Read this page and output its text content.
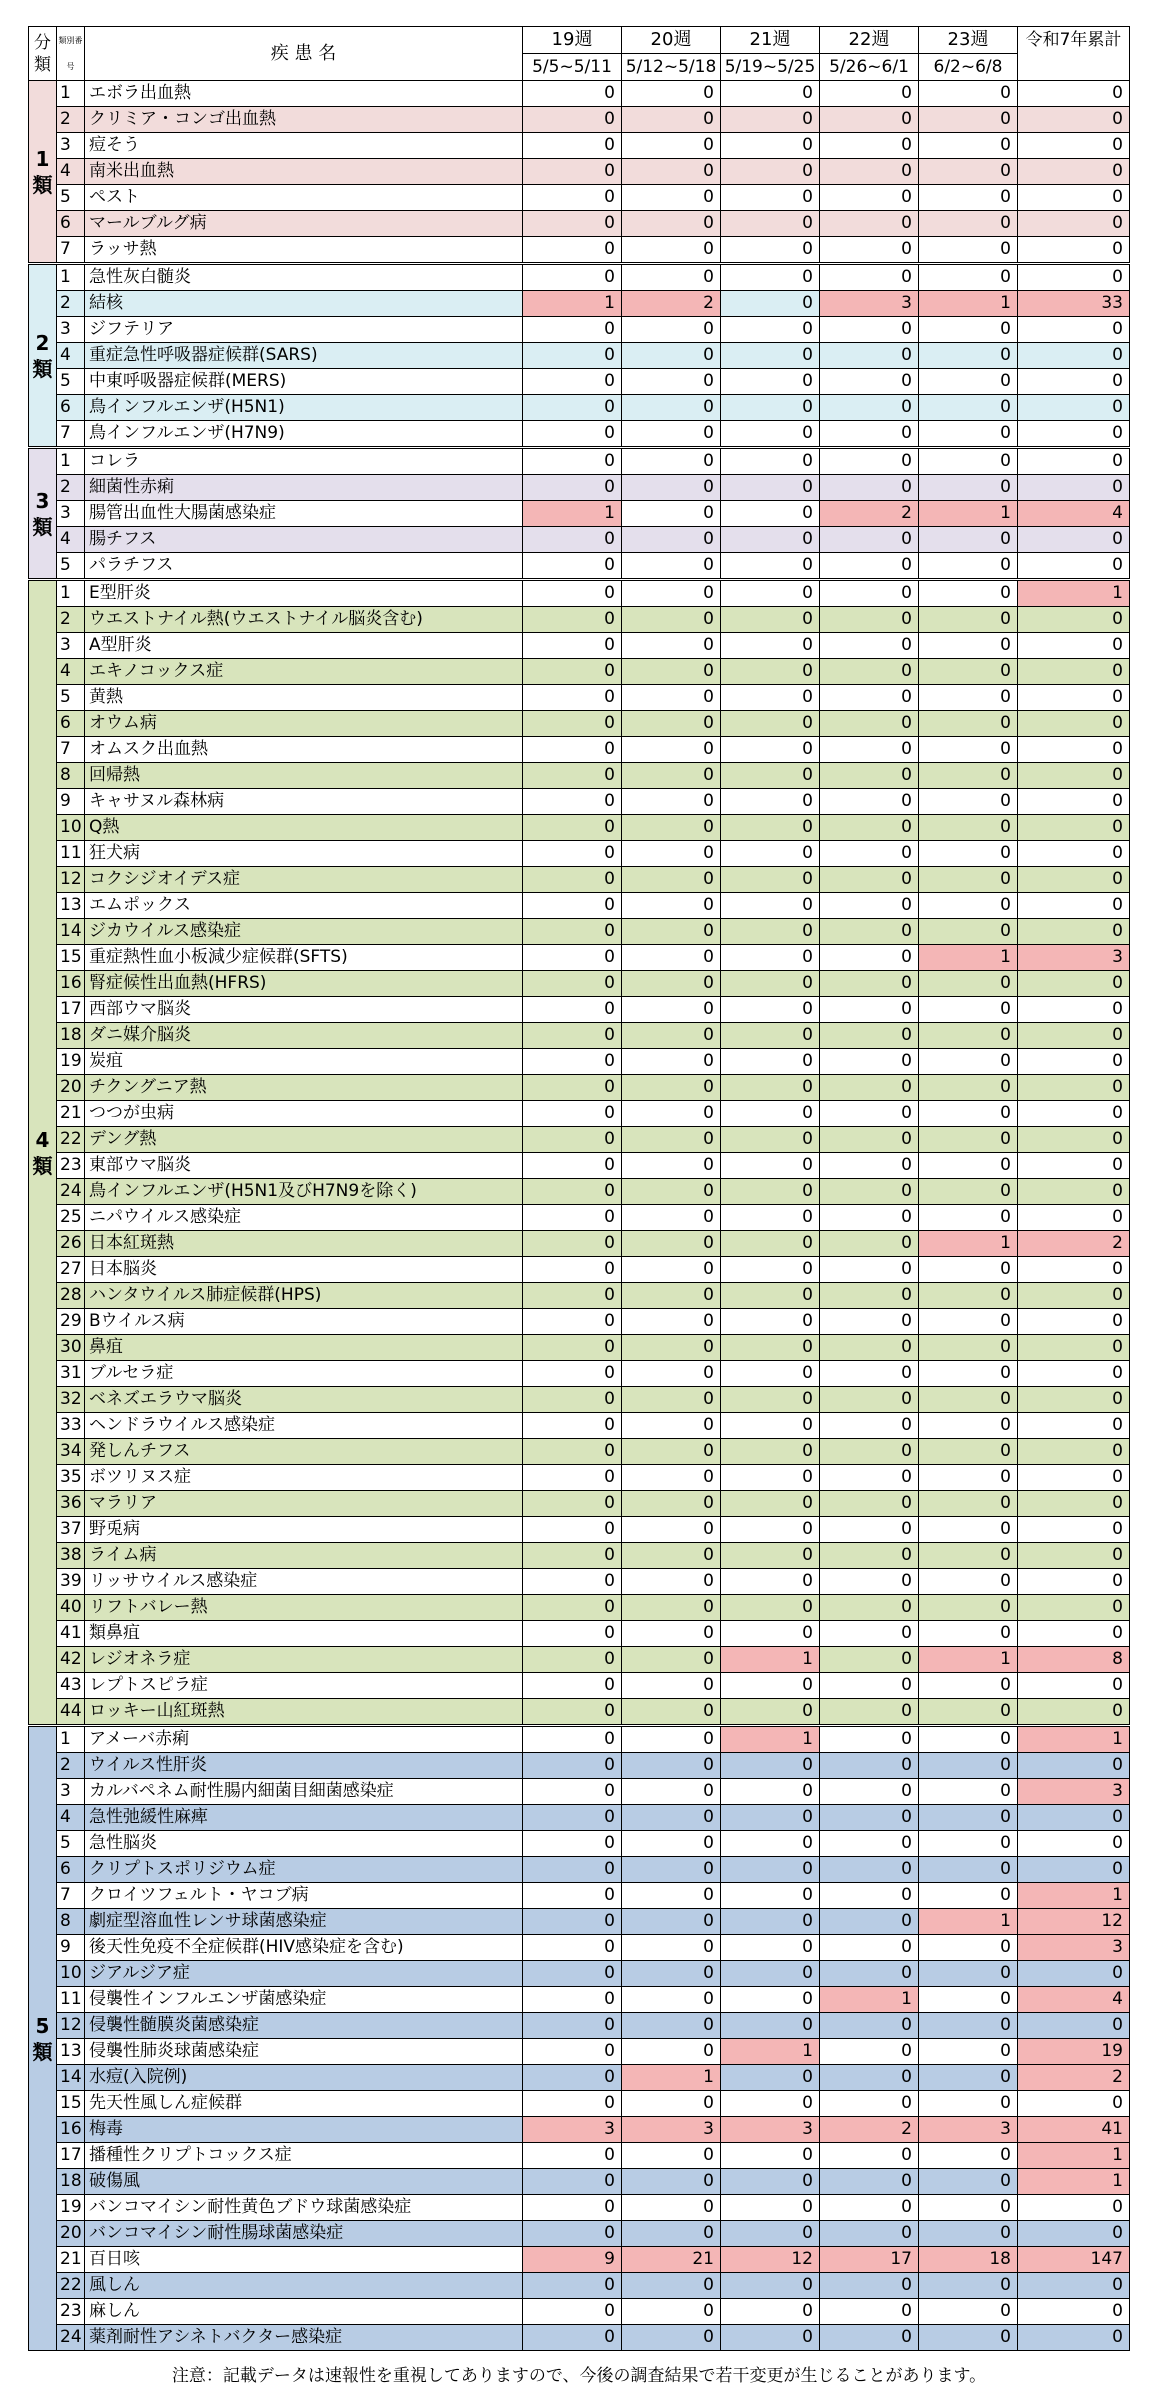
分類	類別番号	疾 患 名	19週	20週	21週	22週	23週	令和7年累計
			5/5~5/11	5/12~5/18	5/19~5/25	5/26~6/1	6/2~6/8	
1類	1	エボラ出血熱	0	0	0	0	0	0
	2	クリミア・コンゴ出血熱	0	0	0	0	0	0
	3	痘そう	0	0	0	0	0	0
	4	南米出血熱	0	0	0	0	0	0
	5	ペスト	0	0	0	0	0	0
	6	マールブルグ病	0	0	0	0	0	0
	7	ラッサ熱	0	0	0	0	0	0
2類	1	急性灰白髄炎	0	0	0	0	0	0
	2	結核	1	2	0	3	1	33
	3	ジフテリア	0	0	0	0	0	0
	4	重症急性呼吸器症候群(SARS)	0	0	0	0	0	0
	5	中東呼吸器症候群(MERS)	0	0	0	0	0	0
	6	鳥インフルエンザ(H5N1)	0	0	0	0	0	0
	7	鳥インフルエンザ(H7N9)	0	0	0	0	0	0
3類	1	コレラ	0	0	0	0	0	0
	2	細菌性赤痢	0	0	0	0	0	0
	3	腸管出血性大腸菌感染症	1	0	0	2	1	4
	4	腸チフス	0	0	0	0	0	0
	5	パラチフス	0	0	0	0	0	0
4類	1	E型肝炎	0	0	0	0	0	1
	2	ウエストナイル熱(ウエストナイル脳炎含む)	0	0	0	0	0	0
	3	A型肝炎	0	0	0	0	0	0
	4	エキノコックス症	0	0	0	0	0	0
	5	黄熱	0	0	0	0	0	0
	6	オウム病	0	0	0	0	0	0
	7	オムスク出血熱	0	0	0	0	0	0
	8	回帰熱	0	0	0	0	0	0
	9	キャサヌル森林病	0	0	0	0	0	0
	10	Q熱	0	0	0	0	0	0
	11	狂犬病	0	0	0	0	0	0
	12	コクシジオイデス症	0	0	0	0	0	0
	13	エムポックス	0	0	0	0	0	0
	14	ジカウイルス感染症	0	0	0	0	0	0
	15	重症熱性血小板減少症候群(SFTS)	0	0	0	0	1	3
	16	腎症候性出血熱(HFRS)	0	0	0	0	0	0
	17	西部ウマ脳炎	0	0	0	0	0	0
	18	ダニ媒介脳炎	0	0	0	0	0	0
	19	炭疽	0	0	0	0	0	0
	20	チクングニア熱	0	0	0	0	0	0
	21	つつが虫病	0	0	0	0	0	0
	22	デング熱	0	0	0	0	0	0
	23	東部ウマ脳炎	0	0	0	0	0	0
	24	鳥インフルエンザ(H5N1及びH7N9を除く)	0	0	0	0	0	0
	25	ニパウイルス感染症	0	0	0	0	0	0
	26	日本紅斑熱	0	0	0	0	1	2
	27	日本脳炎	0	0	0	0	0	0
	28	ハンタウイルス肺症候群(HPS)	0	0	0	0	0	0
	29	Bウイルス病	0	0	0	0	0	0
	30	鼻疽	0	0	0	0	0	0
	31	ブルセラ症	0	0	0	0	0	0
	32	ベネズエラウマ脳炎	0	0	0	0	0	0
	33	ヘンドラウイルス感染症	0	0	0	0	0	0
	34	発しんチフス	0	0	0	0	0	0
	35	ボツリヌス症	0	0	0	0	0	0
	36	マラリア	0	0	0	0	0	0
	37	野兎病	0	0	0	0	0	0
	38	ライム病	0	0	0	0	0	0
	39	リッサウイルス感染症	0	0	0	0	0	0
	40	リフトバレー熱	0	0	0	0	0	0
	41	類鼻疽	0	0	0	0	0	0
	42	レジオネラ症	0	0	1	0	1	8
	43	レプトスピラ症	0	0	0	0	0	0
	44	ロッキー山紅斑熱	0	0	0	0	0	0
5類	1	アメーバ赤痢	0	0	1	0	0	1
	2	ウイルス性肝炎	0	0	0	0	0	0
	3	カルバペネム耐性腸内細菌目細菌感染症	0	0	0	0	0	3
	4	急性弛緩性麻痺	0	0	0	0	0	0
	5	急性脳炎	0	0	0	0	0	0
	6	クリプトスポリジウム症	0	0	0	0	0	0
	7	クロイツフェルト・ヤコブ病	0	0	0	0	0	1
	8	劇症型溶血性レンサ球菌感染症	0	0	0	0	1	12
	9	後天性免疫不全症候群(HIV感染症を含む)	0	0	0	0	0	3
	10	ジアルジア症	0	0	0	0	0	0
	11	侵襲性インフルエンザ菌感染症	0	0	0	1	0	4
	12	侵襲性髄膜炎菌感染症	0	0	0	0	0	0
	13	侵襲性肺炎球菌感染症	0	0	1	0	0	19
	14	水痘(入院例)	0	1	0	0	0	2
	15	先天性風しん症候群	0	0	0	0	0	0
	16	梅毒	3	3	3	2	3	41
	17	播種性クリプトコックス症	0	0	0	0	0	1
	18	破傷風	0	0	0	0	0	1
	19	バンコマイシン耐性黄色ブドウ球菌感染症	0	0	0	0	0	0
	20	バンコマイシン耐性腸球菌感染症	0	0	0	0	0	0
	21	百日咳	9	21	12	17	18	147
	22	風しん	0	0	0	0	0	0
	23	麻しん	0	0	0	0	0	0
	24	薬剤耐性アシネトバクター感染症	0	0	0	0	0	0
注意：記載データは速報性を重視してありますので、今後の調査結果で若干変更が生じることがあります。
